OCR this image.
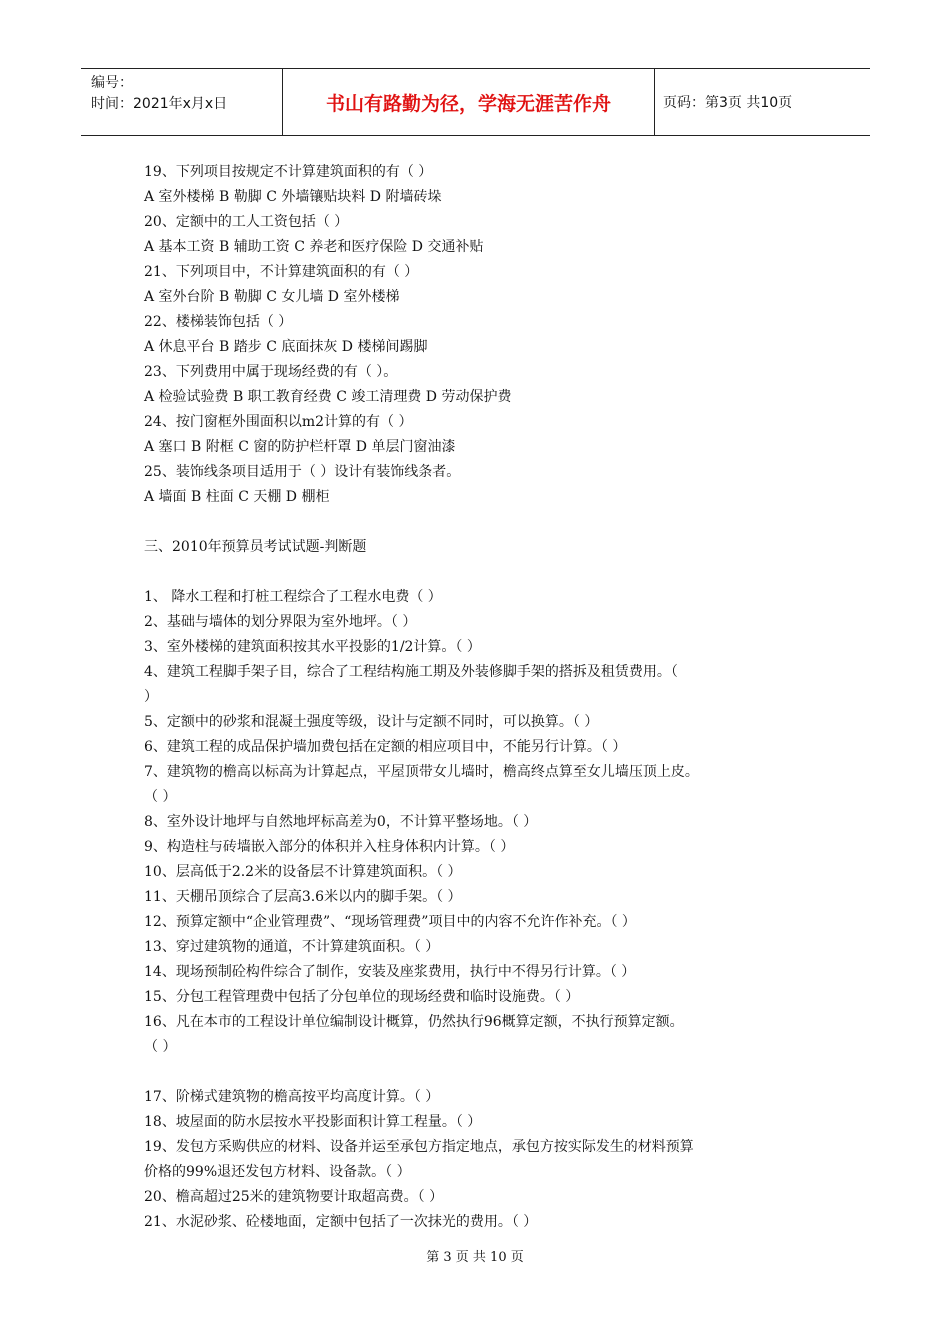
编号：
时间：2021年x月x日	书山有路勤为径，学海无涯苦作舟	页码：第3页 共10页
19、下列项目按规定不计算建筑面积的有（ ）
A 室外楼梯 B 勒脚 C 外墙镶贴块料 D 附墙砖垛
20、定额中的工人工资包括（ ）
A 基本工资 B 辅助工资 C 养老和医疗保险 D 交通补贴
21、下列项目中，不计算建筑面积的有（ ）
A 室外台阶 B 勒脚 C 女儿墙 D 室外楼梯
22、楼梯装饰包括（ ）
A 休息平台 B 踏步 C 底面抹灰 D 楼梯间踢脚
23、下列费用中属于现场经费的有（ ）。
A 检验试验费 B 职工教育经费 C 竣工清理费 D 劳动保护费
24、按门窗框外围面积以m2计算的有（ ）
A 塞口 B 附框 C 窗的防护栏杆罩 D 单层门窗油漆
25、装饰线条项目适用于（ ）设计有装饰线条者。
A 墙面 B 柱面 C 天棚 D 棚柜
三、2010年预算员考试试题-判断题
1、 降水工程和打桩工程综合了工程水电费（ ）
2、基础与墙体的划分界限为室外地坪。（ ）
3、室外楼梯的建筑面积按其水平投影的1/2计算。（ ）
4、建筑工程脚手架子目，综合了工程结构施工期及外装修脚手架的搭拆及租赁费用。（
）
5、定额中的砂浆和混凝土强度等级，设计与定额不同时，可以换算。（ ）
6、建筑工程的成品保护墙加费包括在定额的相应项目中，不能另行计算。（ ）
7、建筑物的檐高以标高为计算起点，平屋顶带女儿墙时，檐高终点算至女儿墙压顶上皮。
（ ）
8、室外设计地坪与自然地坪标高差为0，不计算平整场地。（ ）
9、构造柱与砖墙嵌入部分的体积并入柱身体积内计算。（ ）
10、层高低于2.2米的设备层不计算建筑面积。（ ）
11、天棚吊顶综合了层高3.6米以内的脚手架。（ ）
12、预算定额中“企业管理费”、“现场管理费”项目中的内容不允许作补充。（ ）
13、穿过建筑物的通道，不计算建筑面积。（ ）
14、现场预制砼构件综合了制作，安装及座浆费用，执行中不得另行计算。（ ）
15、分包工程管理费中包括了分包单位的现场经费和临时设施费。（ ）
16、凡在本市的工程设计单位编制设计概算，仍然执行96概算定额，不执行预算定额。
（ ）
17、阶梯式建筑物的檐高按平均高度计算。（ ）
18、坡屋面的防水层按水平投影面积计算工程量。（ ）
19、发包方采购供应的材料、设备并运至承包方指定地点，承包方按实际发生的材料预算
价格的99%退还发包方材料、设备款。（ ）
20、檐高超过25米的建筑物要计取超高费。（ ）
21、水泥砂浆、砼楼地面，定额中包括了一次抹光的费用。（ ）
第 3 页 共 10 页
